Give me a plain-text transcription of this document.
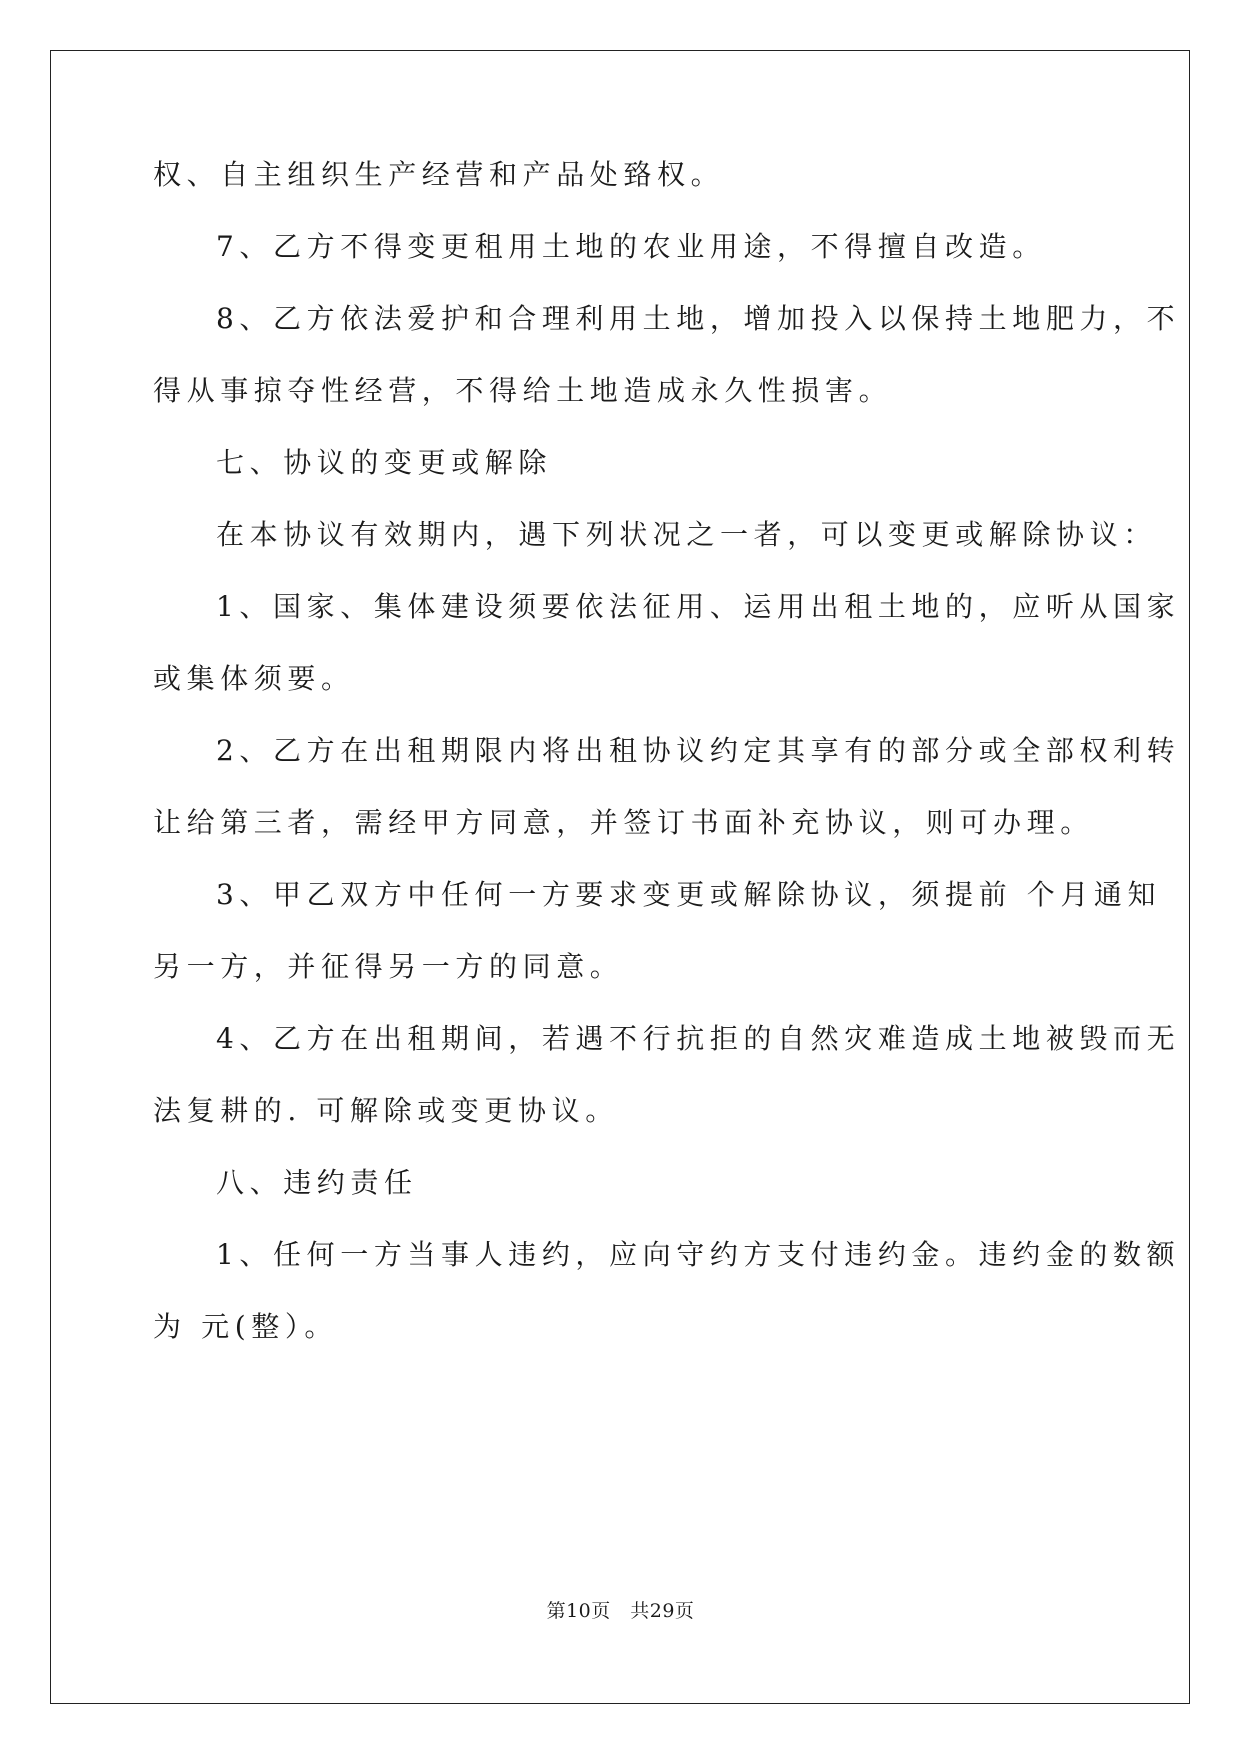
权、自主组织生产经营和产品处臵权。
7、乙方不得变更租用土地的农业用途，不得擅自改造。
8、乙方依法爱护和合理利用土地，增加投入以保持土地肥力，不
得从事掠夺性经营，不得给土地造成永久性损害。
七、协议的变更或解除
在本协议有效期内，遇下列状况之一者，可以变更或解除协议：
1、国家、集体建设须要依法征用、运用出租土地的，应听从国家
或集体须要。
2、乙方在出租期限内将出租协议约定其享有的部分或全部权利转
让给第三者，需经甲方同意，并签订书面补充协议，则可办理。
3、甲乙双方中任何一方要求变更或解除协议，须提前 个月通知
另一方，并征得另一方的同意。
4、乙方在出租期间，若遇不行抗拒的自然灾难造成土地被毁而无
法复耕的. 可解除或变更协议。
八、违约责任
1、任何一方当事人违约，应向守约方支付违约金。违约金的数额
为 元(整）。
第10页　共29页
